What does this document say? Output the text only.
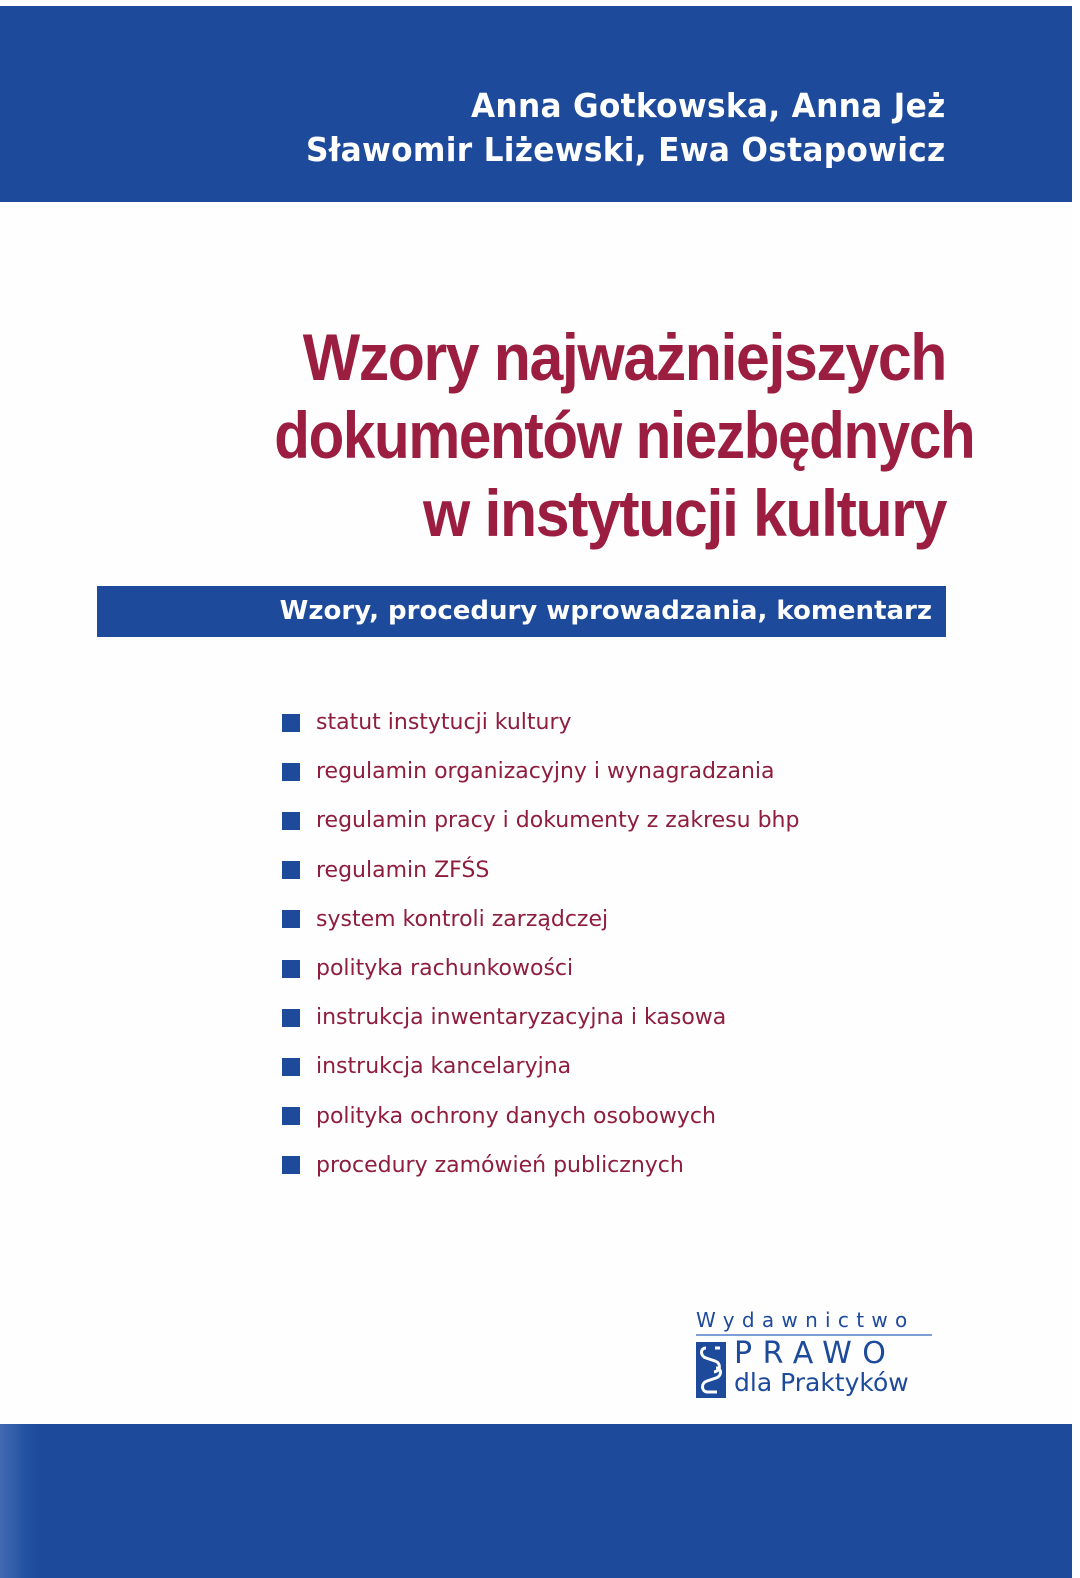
Anna Gotkowska, Anna Jeż
Sławomir Liżewski, Ewa Ostapowicz
Wzory najważniejszych
dokumentów niezbędnych
w instytucji kultury
Wzory, procedury wprowadzania, komentarz
statut instytucji kultury
regulamin organizacyjny i wynagradzania
regulamin pracy i dokumenty z zakresu bhp
regulamin ZFŚS
system kontroli zarządczej
polityka rachunkowości
instrukcja inwentaryzacyjna i kasowa
instrukcja kancelaryjna
polityka ochrony danych osobowych
procedury zamówień publicznych
Wydawnictwo
PRAWO
dla Praktyków
